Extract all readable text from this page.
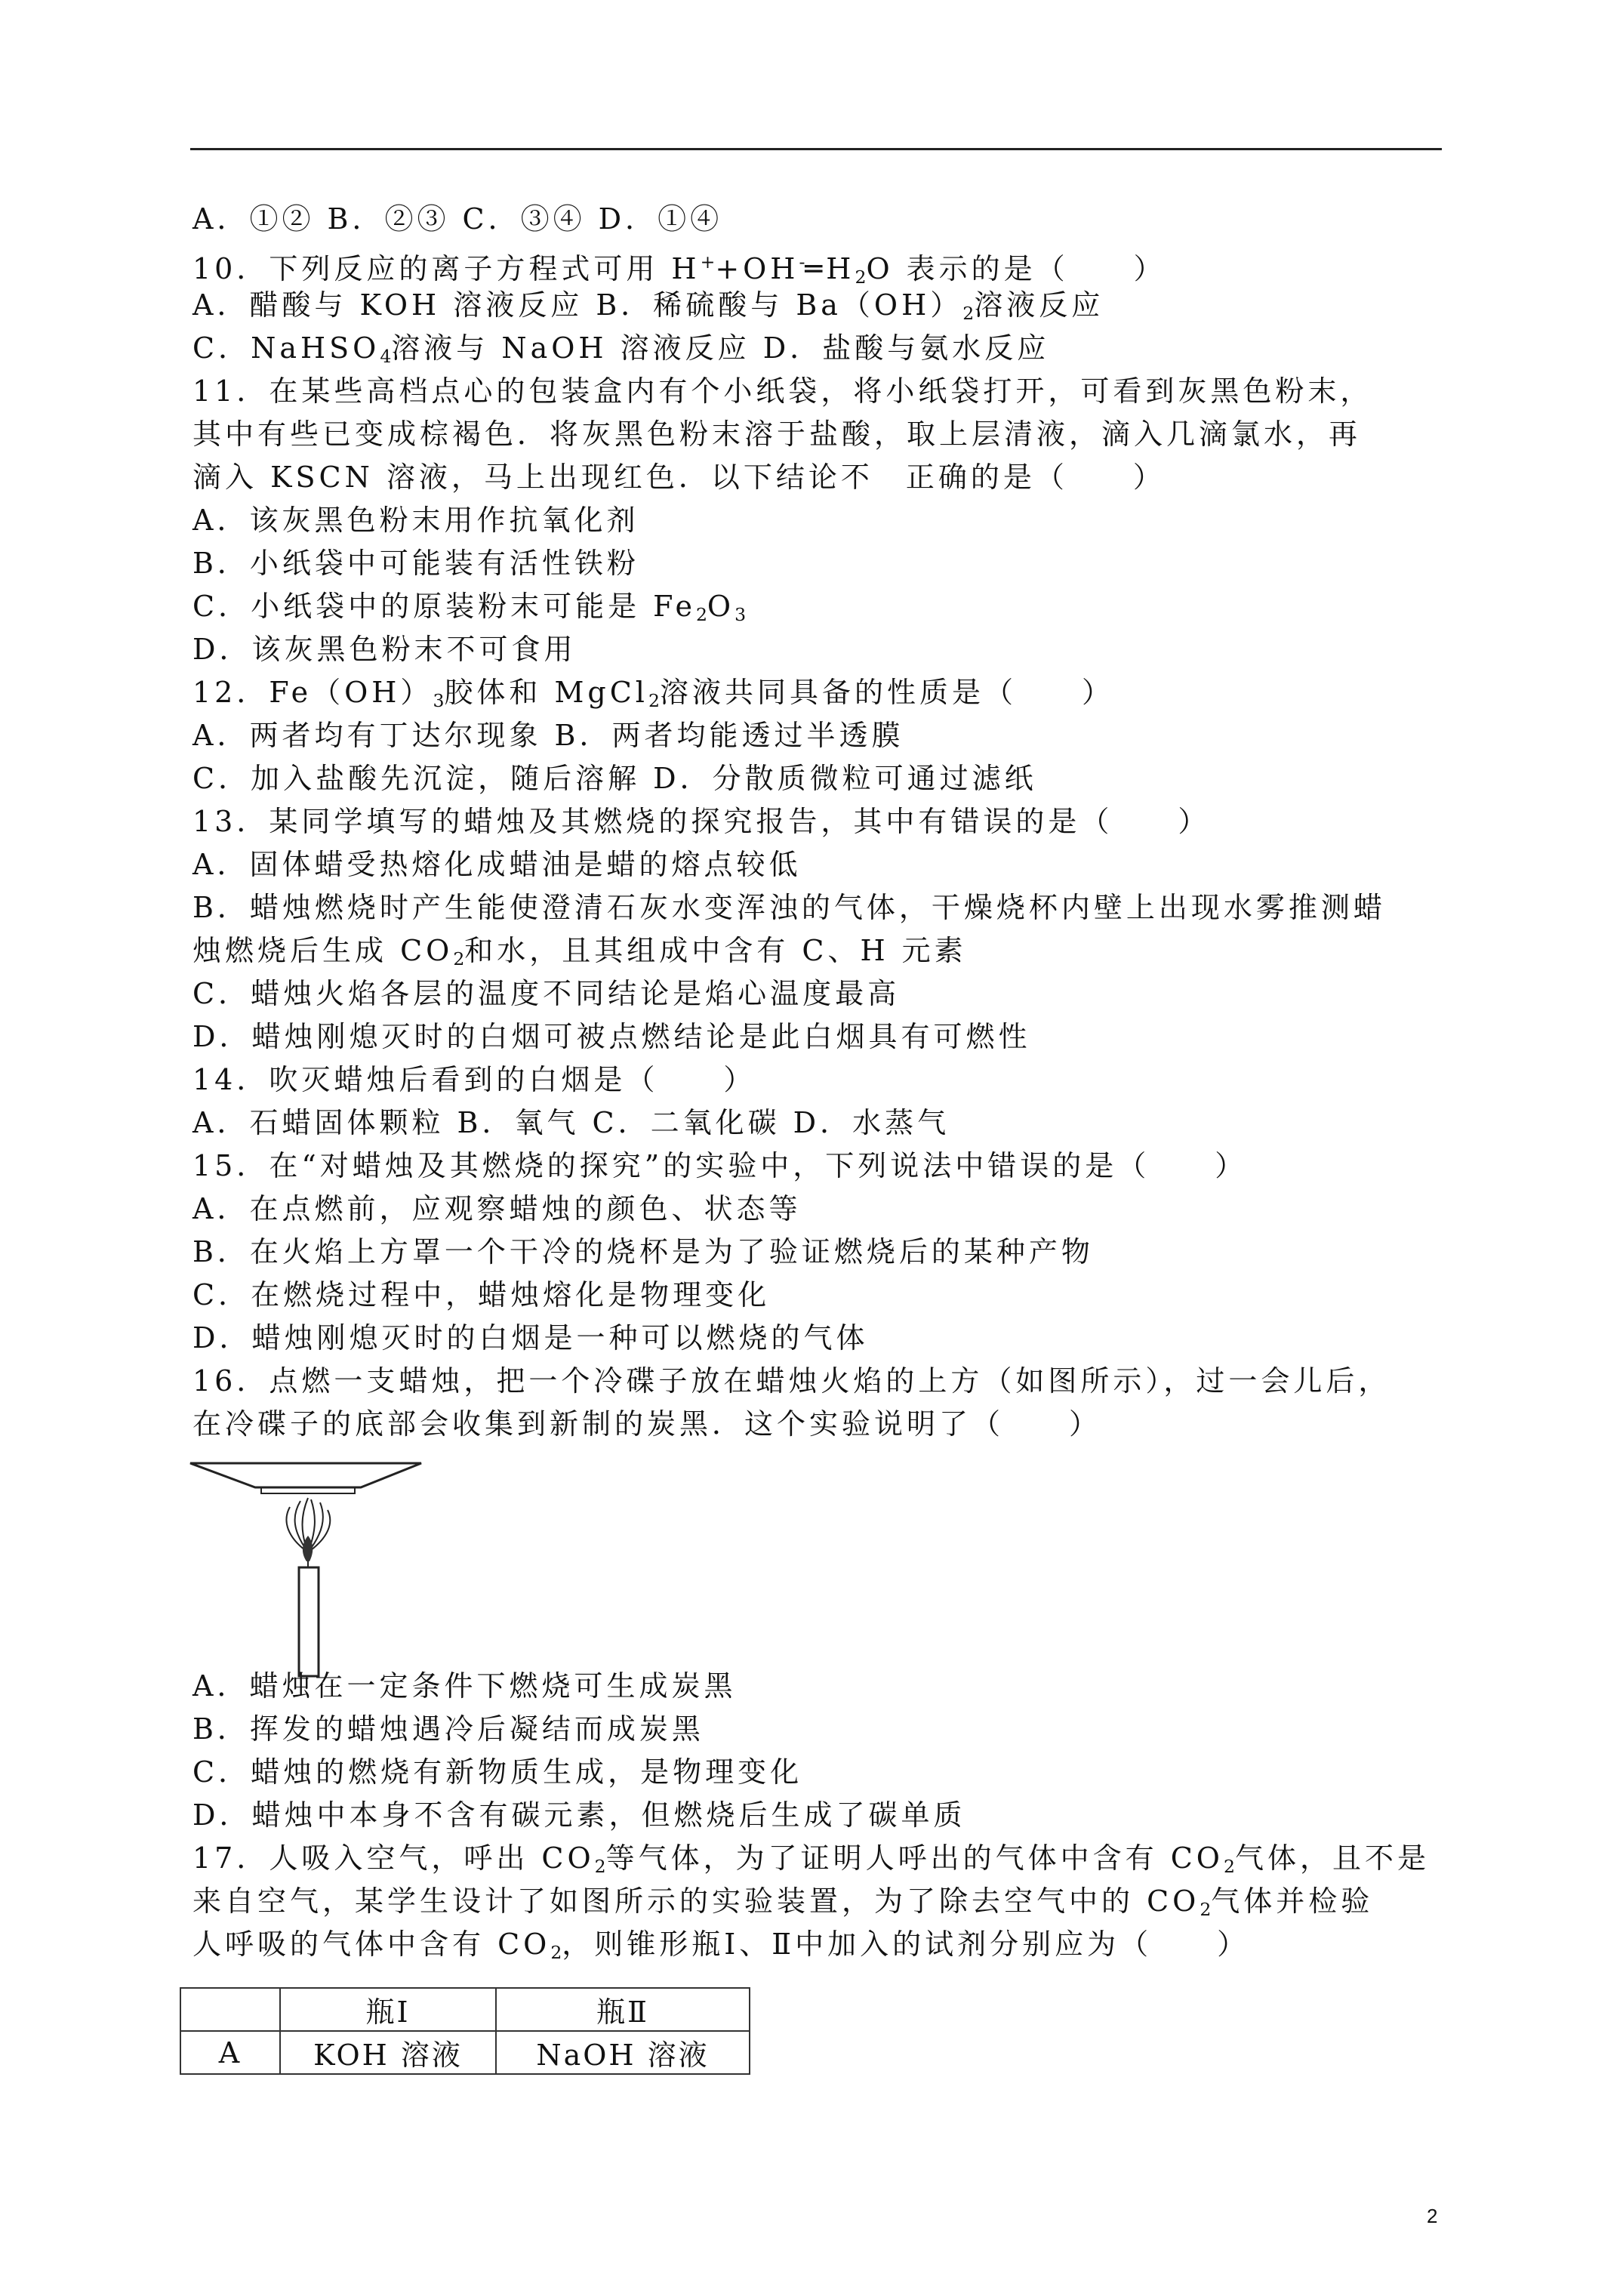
A．①② B．②③ C．③④ D．①④
10．下列反应的离子方程式可用 $H^++OH^-═H_2O$ 表示的是（　　）
A．醋酸与 KOH 溶液反应 B．稀硫酸与 $Ba(OH)_2$溶液反应
C．NaHSO$_4$溶液与 NaOH 溶液反应 D．盐酸与氨水反应
11．在某些高档点心的包装盒内有个小纸袋，将小纸袋打开，可看到灰黑色粉末，
其中有些已变成棕褐色．将灰黑色粉末溶于盐酸，取上层清液，滴入几滴氯水，再
滴入 KSCN 溶液，马上出现红色．以下结论不　正确的是（　　）
A．该灰黑色粉末用作抗氧化剂
B．小纸袋中可能装有活性铁粉
C．小纸袋中的原装粉末可能是 $Fe_2O_3$
D．该灰黑色粉末不可食用
12．$Fe(OH)_3$胶体和 MgCl$_2$溶液共同具备的性质是（　　）
A．两者均有丁达尔现象 B．两者均能透过半透膜
C．加入盐酸先沉淀，随后溶解 D．分散质微粒可通过滤纸
13．某同学填写的蜡烛及其燃烧的探究报告，其中有错误的是（　　）
A．固体蜡受热熔化成蜡油是蜡的熔点较低
B．蜡烛燃烧时产生能使澄清石灰水变浑浊的气体，干燥烧杯内壁上出现水雾推测蜡
烛燃烧后生成 $CO_2$和水，且其组成中含有 C、H 元素
C．蜡烛火焰各层的温度不同结论是焰心温度最高
D．蜡烛刚熄灭时的白烟可被点燃结论是此白烟具有可燃性
14．吹灭蜡烛后看到的白烟是（　　）
A．石蜡固体颗粒 B．氧气 C．二氧化碳 D．水蒸气
15．在“对蜡烛及其燃烧的探究”的实验中，下列说法中错误的是（　　）
A．在点燃前，应观察蜡烛的颜色、状态等
B．在火焰上方罩一个干冷的烧杯是为了验证燃烧后的某种产物
C．在燃烧过程中，蜡烛熔化是物理变化
D．蜡烛刚熄灭时的白烟是一种可以燃烧的气体
16．点燃一支蜡烛，把一个冷碟子放在蜡烛火焰的上方（如图所示），过一会儿后，
在冷碟子的底部会收集到新制的炭黑．这个实验说明了（　　）
A．蜡烛在一定条件下燃烧可生成炭黑
B．挥发的蜡烛遇冷后凝结而成炭黑
C．蜡烛的燃烧有新物质生成，是物理变化
D．蜡烛中本身不含有碳元素，但燃烧后生成了碳单质
17．人吸入空气，呼出 $CO_2$等气体，为了证明人呼出的气体中含有 $CO_2$气体，且不是
来自空气，某学生设计了如图所示的实验装置，为了除去空气中的 $CO_2$气体并检验
人呼吸的气体中含有 $CO_2$，则锥形瓶Ⅰ、Ⅱ中加入的试剂分别应为（　　）
	瓶Ⅰ	瓶Ⅱ
A	KOH 溶液	NaOH 溶液
2
